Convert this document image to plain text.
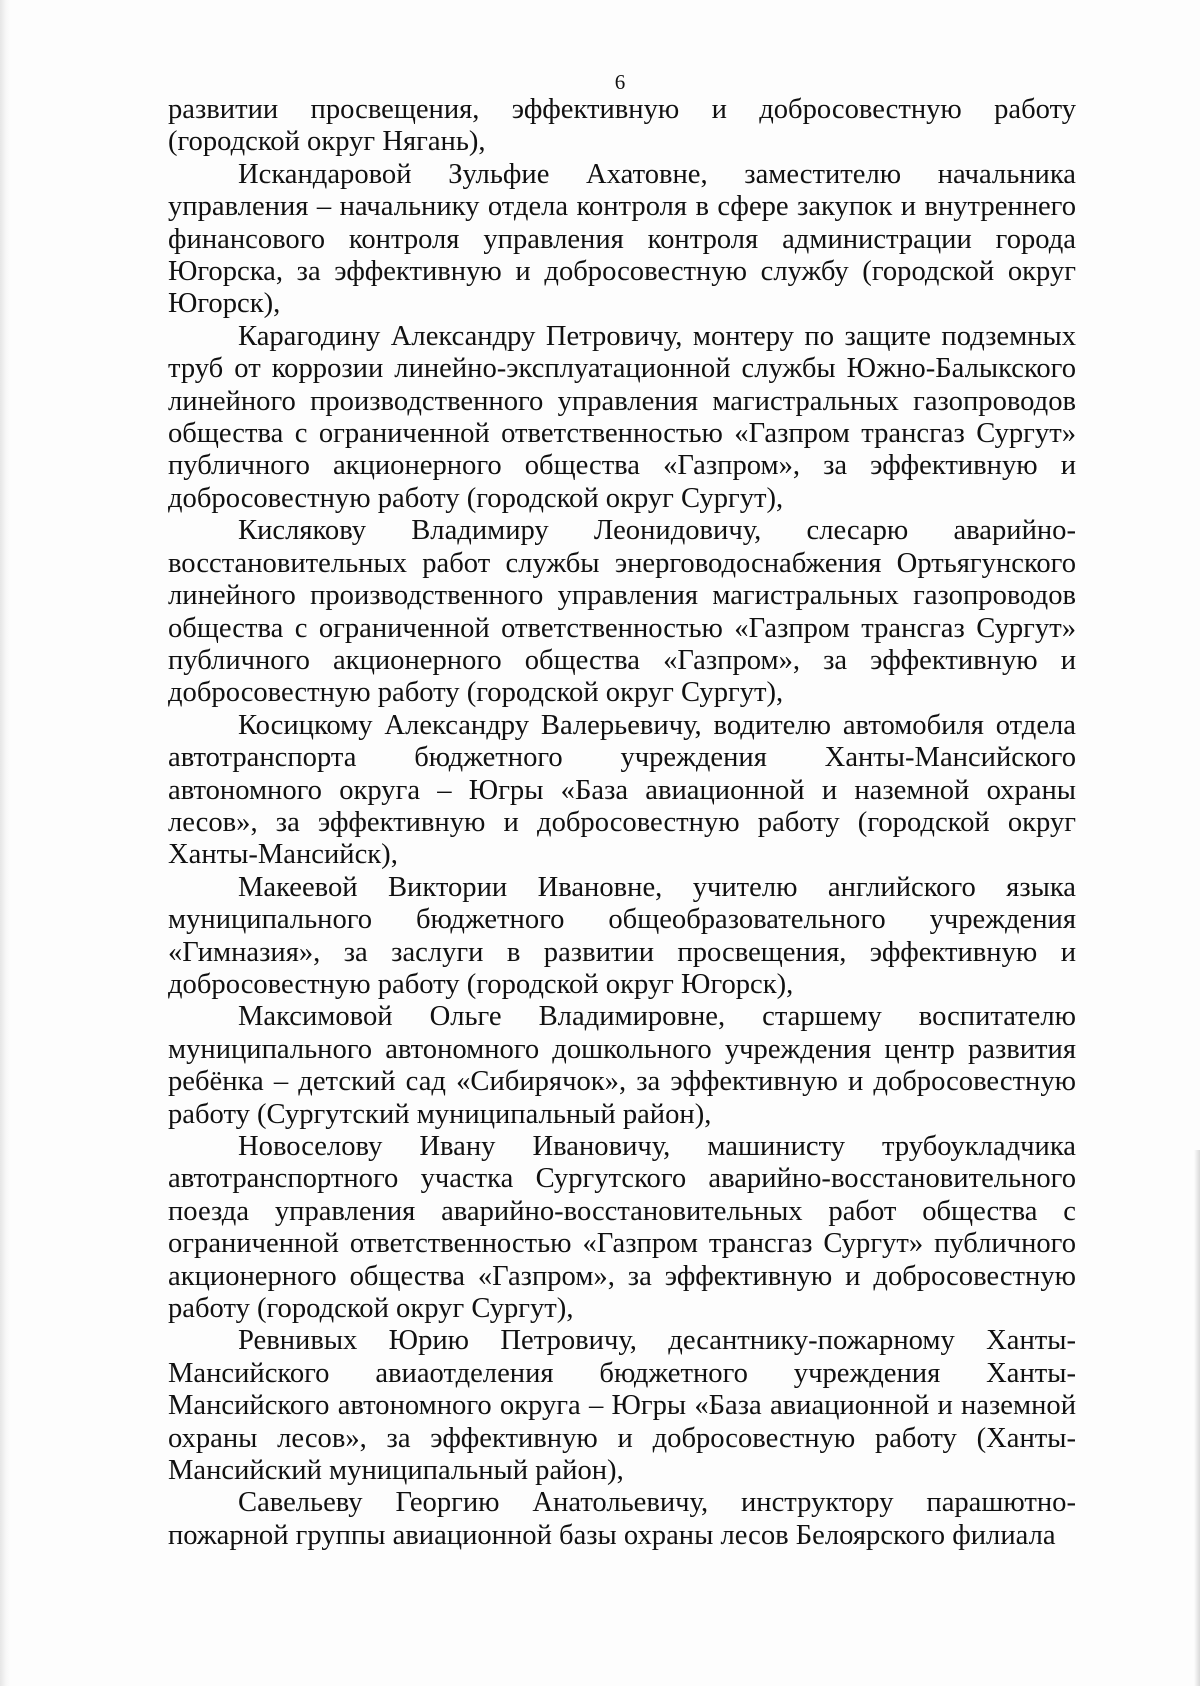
6

развитии просвещения, эффективную и добросовестную работу (городской округ Нягань),

Искандаровой Зульфие Ахатовне, заместителю начальника управления – начальнику отдела контроля в сфере закупок и внутреннего финансового контроля управления контроля администрации города Югорска, за эффективную и добросовестную службу (городской округ Югорск),

Карагодину Александру Петровичу, монтеру по защите подземных труб от коррозии линейно-эксплуатационной службы Южно-Балыкского линейного производственного управления магистральных газопроводов общества с ограниченной ответственностью «Газпром трансгаз Сургут» публичного акционерного общества «Газпром», за эффективную и добросовестную работу (городской округ Сургут),

Кислякову Владимиру Леонидовичу, слесарю аварийно-восстановительных работ службы энерговодоснабжения Ортьягунского линейного производственного управления магистральных газопроводов общества с ограниченной ответственностью «Газпром трансгаз Сургут» публичного акционерного общества «Газпром», за эффективную и добросовестную работу (городской округ Сургут),

Косицкому Александру Валерьевичу, водителю автомобиля отдела автотранспорта бюджетного учреждения Ханты-Мансийского автономного округа – Югры «База авиационной и наземной охраны лесов», за эффективную и добросовестную работу (городской округ Ханты-Мансийск),

Макеевой Виктории Ивановне, учителю английского языка муниципального бюджетного общеобразовательного учреждения «Гимназия», за заслуги в развитии просвещения, эффективную и добросовестную работу (городской округ Югорск),

Максимовой Ольге Владимировне, старшему воспитателю муниципального автономного дошкольного учреждения центр развития ребёнка – детский сад «Сибирячок», за эффективную и добросовестную работу (Сургутский муниципальный район),

Новоселову Ивану Ивановичу, машинисту трубоукладчика автотранспортного участка Сургутского аварийно-восстановительного поезда управления аварийно-восстановительных работ общества с ограниченной ответственностью «Газпром трансгаз Сургут» публичного акционерного общества «Газпром», за эффективную и добросовестную работу (городской округ Сургут),

Ревнивых Юрию Петровичу, десантнику-пожарному Ханты-Мансийского авиаотделения бюджетного учреждения Ханты-Мансийского автономного округа – Югры «База авиационной и наземной охраны лесов», за эффективную и добросовестную работу (Ханты-Мансийский муниципальный район),

Савельеву Георгию Анатольевичу, инструктору парашютно-пожарной группы авиационной базы охраны лесов Белоярского филиала
